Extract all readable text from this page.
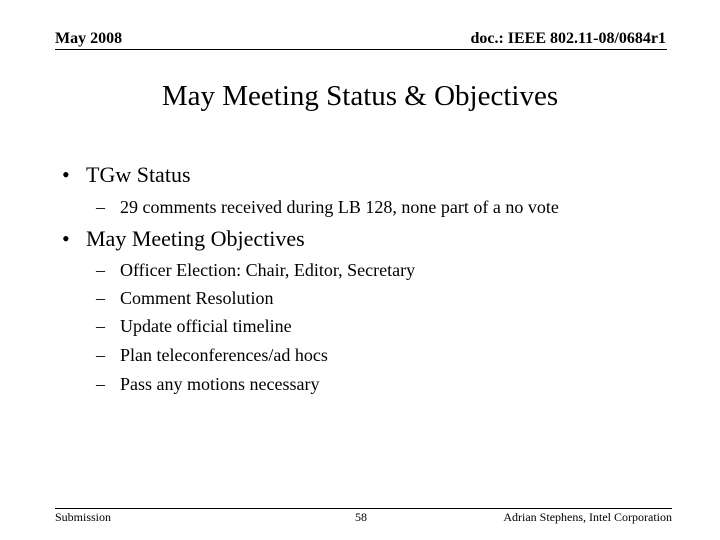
May 2008	doc.: IEEE 802.11-08/0684r1
May Meeting Status & Objectives
• TGw Status
– 29 comments received during LB 128, none part of a no vote
• May Meeting Objectives
– Officer Election: Chair, Editor, Secretary
– Comment Resolution
– Update official timeline
– Plan teleconferences/ad hocs
– Pass any motions necessary
Submission	58	Adrian Stephens, Intel Corporation
